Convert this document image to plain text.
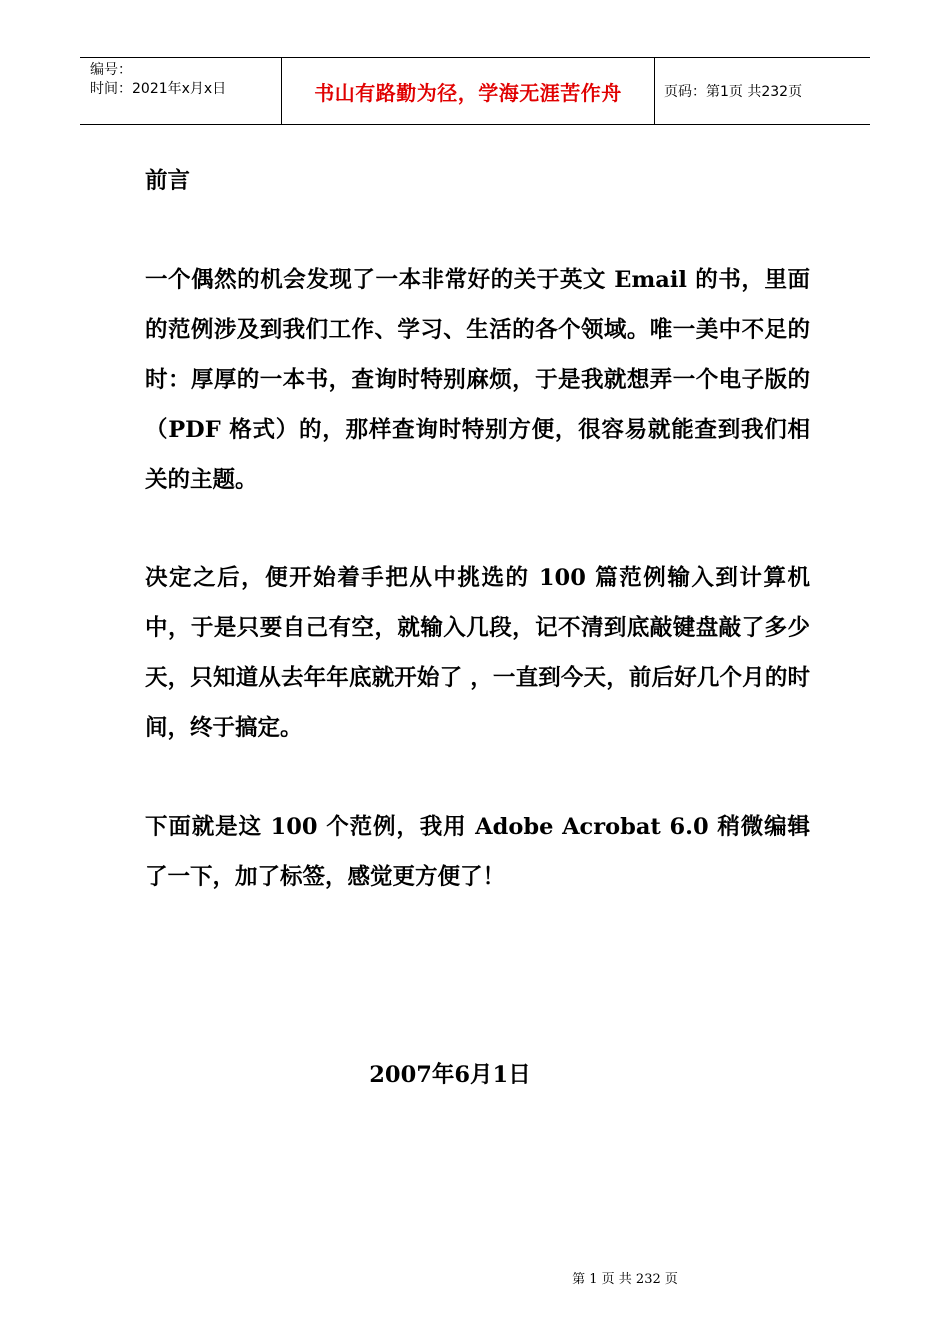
编号：
时间：2021年x月x日	书山有路勤为径，学海无涯苦作舟	页码：第1页 共232页
前言
一个偶然的机会发现了一本非常好的关于英文 Email 的书，里面的范例涉及到我们工作、学习、生活的各个领域。唯一美中不足的时：厚厚的一本书，查询时特别麻烦，于是我就想弄一个电子版的（PDF 格式）的，那样查询时特别方便，很容易就能查到我们相关的主题。
决定之后，便开始着手把从中挑选的 100 篇范例输入到计算机中，于是只要自己有空，就输入几段，记不清到底敲键盘敲了多少天，只知道从去年年底就开始了 ，一直到今天，前后好几个月的时间，终于搞定。
下面就是这 100 个范例，我用 Adobe Acrobat 6.0 稍微编辑了一下，加了标签，感觉更方便了！
2007年6月1日
第 1 页 共 232 页
